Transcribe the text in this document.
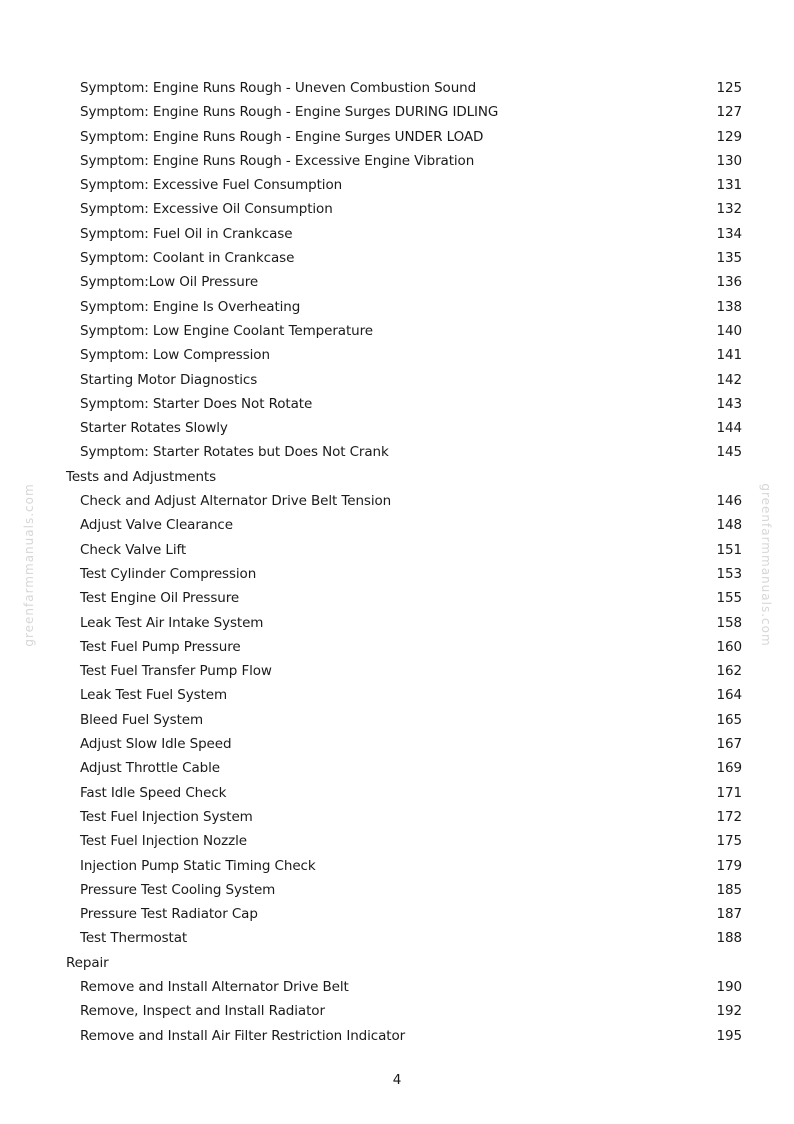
greenfarmmanuals.com	greenfarmmanuals.com
Symptom: Engine Runs Rough - Uneven Combustion Sound	125
Symptom: Engine Runs Rough - Engine Surges DURING IDLING	127
Symptom: Engine Runs Rough - Engine Surges UNDER LOAD	129
Symptom: Engine Runs Rough - Excessive Engine Vibration	130
Symptom: Excessive Fuel Consumption	131
Symptom: Excessive Oil Consumption	132
Symptom: Fuel Oil in Crankcase	134
Symptom: Coolant in Crankcase	135
Symptom:Low Oil Pressure	136
Symptom: Engine Is Overheating	138
Symptom: Low Engine Coolant Temperature	140
Symptom: Low Compression	141
Starting Motor Diagnostics	142
Symptom: Starter Does Not Rotate	143
Starter Rotates Slowly	144
Symptom: Starter Rotates but Does Not Crank	145
Tests and Adjustments
Check and Adjust Alternator Drive Belt Tension	146
Adjust Valve Clearance	148
Check Valve Lift	151
Test Cylinder Compression	153
Test Engine Oil Pressure	155
Leak Test Air Intake System	158
Test Fuel Pump Pressure	160
Test Fuel Transfer Pump Flow	162
Leak Test Fuel System	164
Bleed Fuel System	165
Adjust Slow Idle Speed	167
Adjust Throttle Cable	169
Fast Idle Speed Check	171
Test Fuel Injection System	172
Test Fuel Injection Nozzle	175
Injection Pump Static Timing Check	179
Pressure Test Cooling System	185
Pressure Test Radiator Cap	187
Test Thermostat	188
Repair
Remove and Install Alternator Drive Belt	190
Remove, Inspect and Install Radiator	192
Remove and Install Air Filter Restriction Indicator	195
4
